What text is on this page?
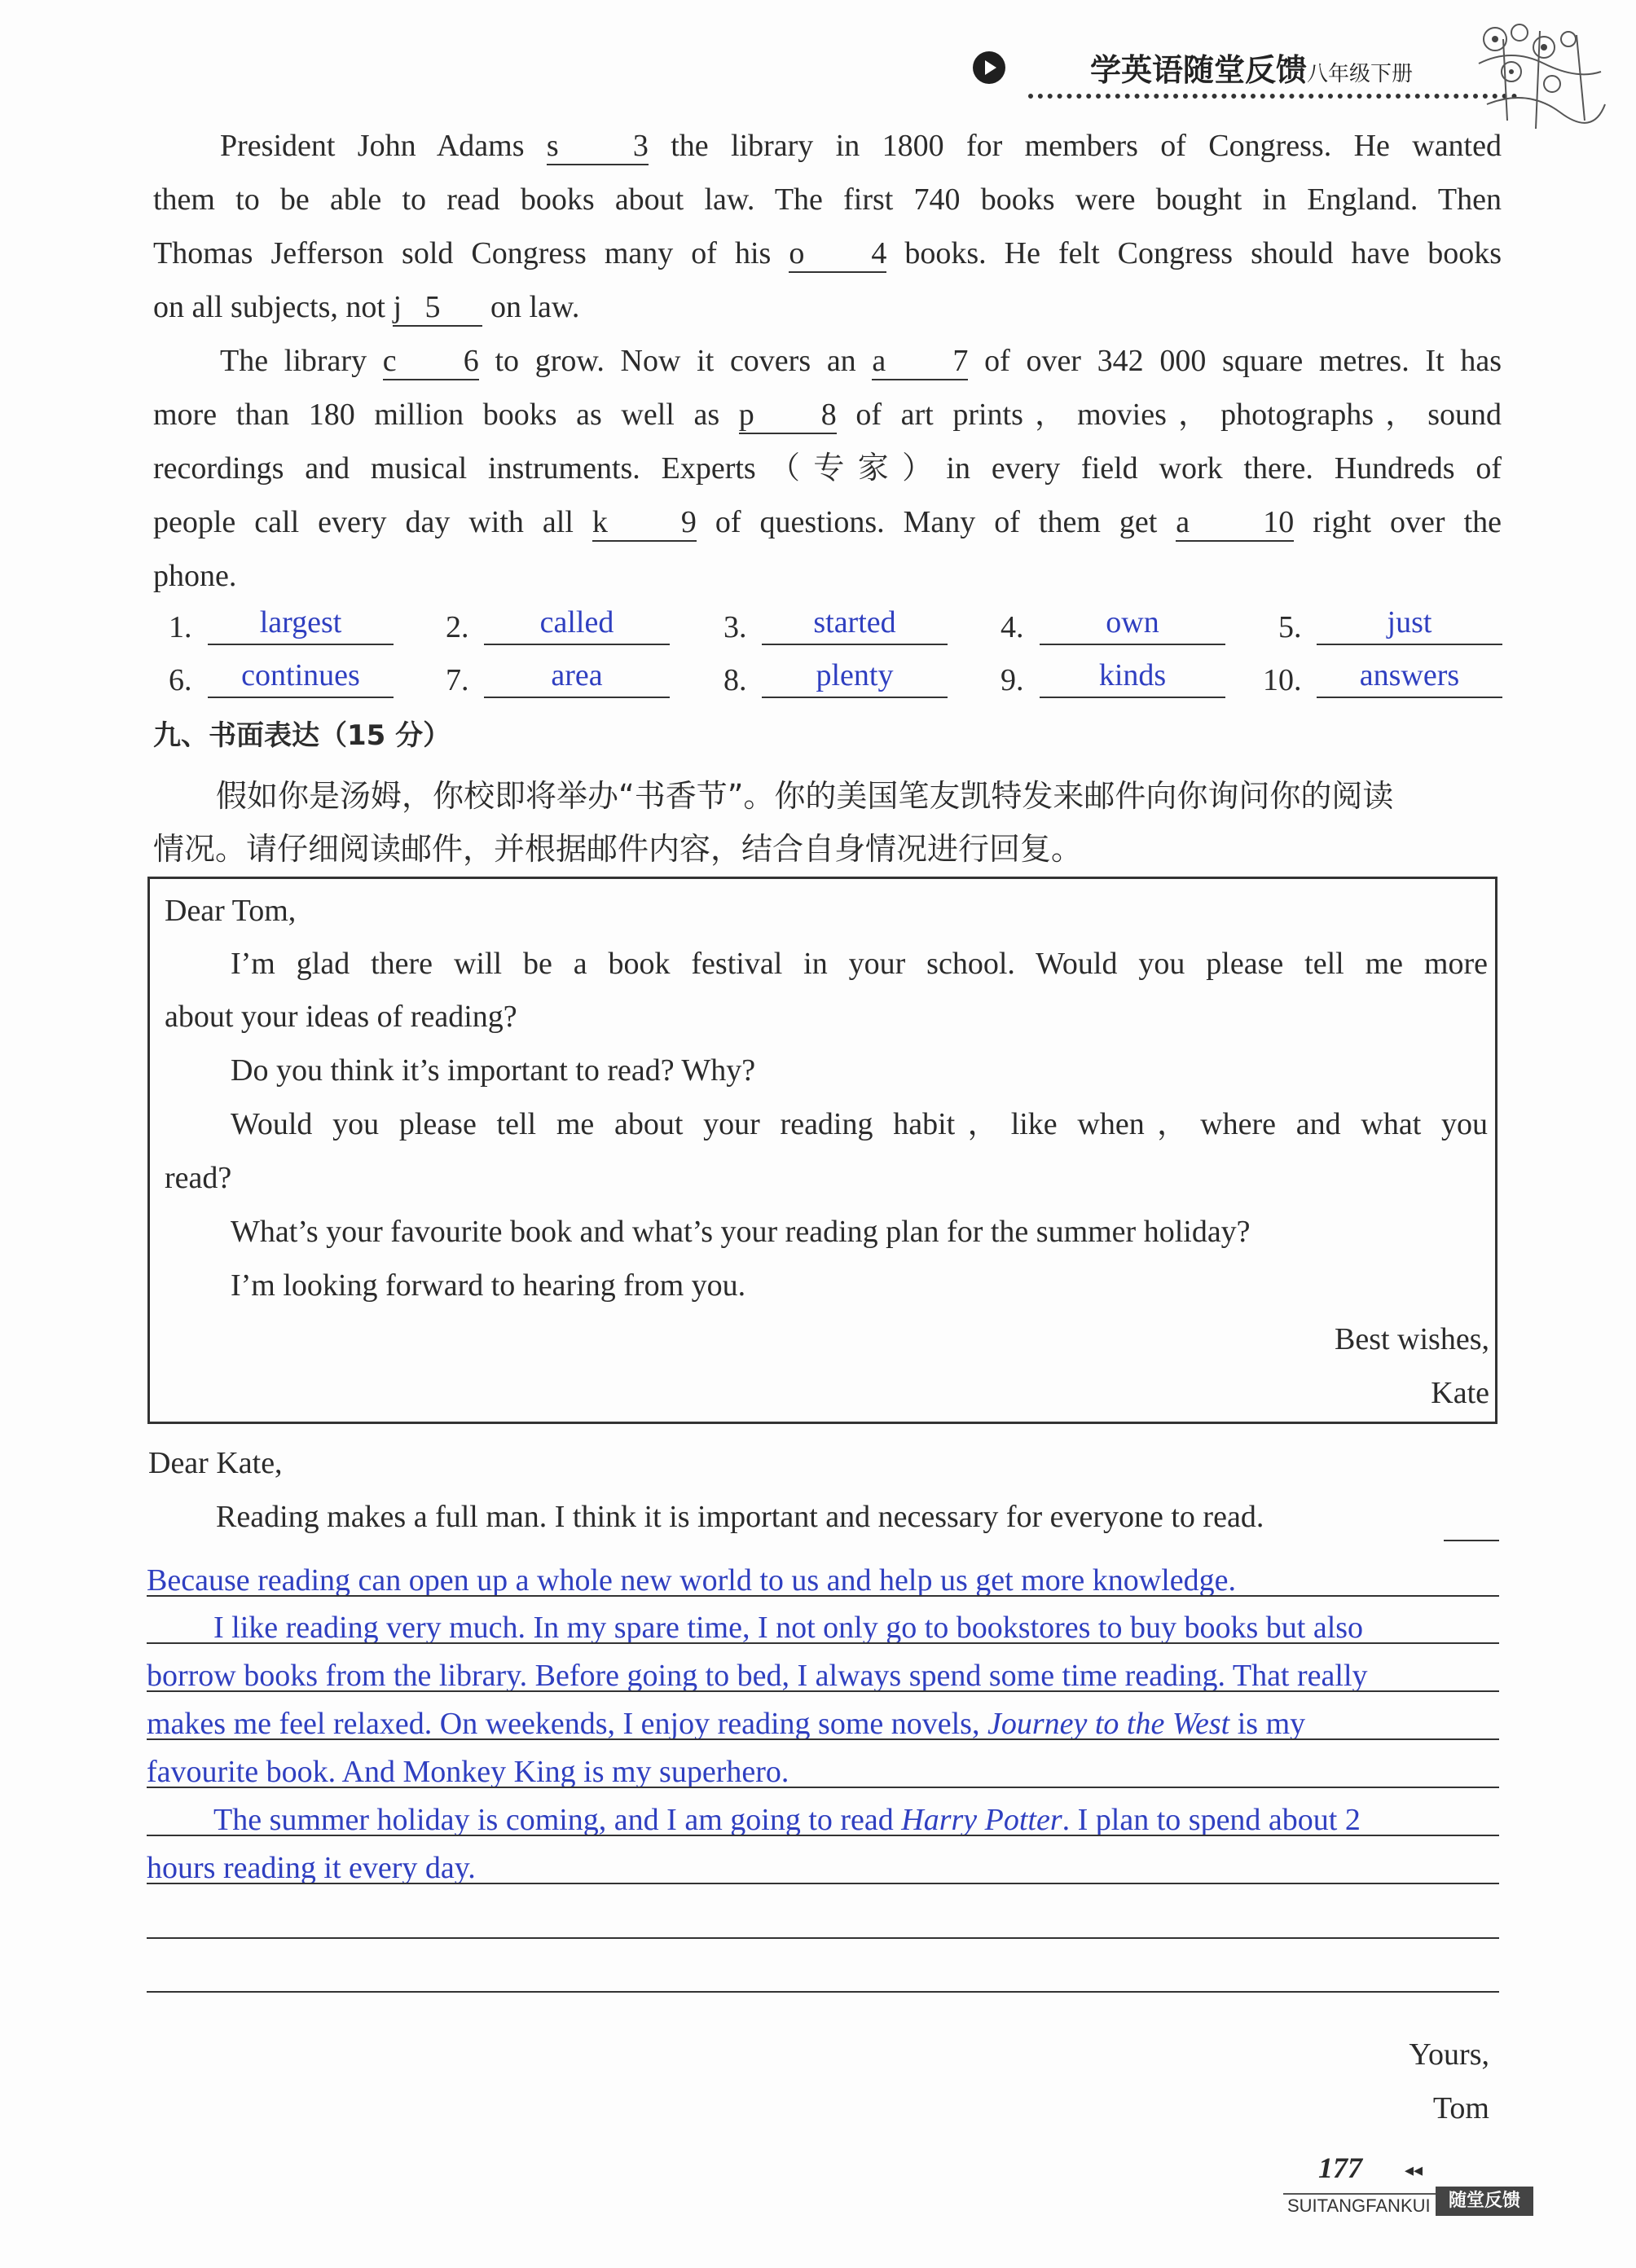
学英语随堂反馈八年级下册
President John Adams s 3 the library in 1800 for members of Congress. He wanted
them to be able to read books about law. The first 740 books were bought in England. Then
Thomas Jefferson sold Congress many of his o 4 books. He felt Congress should have books
on all subjects, not j 5 on law.
The library c 6 to grow. Now it covers an a 7 of over 342 000 square metres. It has
more than 180 million books as well as p 8 of art prints，movies，photographs，sound
recordings and musical instruments. Experts（专家）in every field work there. Hundreds of
people call every day with all k 9 of questions. Many of them get a 10 right over the
phone.
1.	largest	2.	called	3.	started	4.	own	5.	just
6.	continues	7.	area	8.	plenty	9.	kinds	10.	answers
九、书面表达（15 分）
假如你是汤姆，你校即将举办“书香节”。你的美国笔友凯特发来邮件向你询问你的阅读
情况。请仔细阅读邮件，并根据邮件内容，结合自身情况进行回复。
Dear Tom,
I’m glad there will be a book festival in your school. Would you please tell me more
about your ideas of reading?
Do you think it’s important to read? Why?
Would you please tell me about your reading habit，like when，where and what you
read?
What’s your favourite book and what’s your reading plan for the summer holiday?
I’m looking forward to hearing from you.
Best wishes,
Kate
Dear Kate,
Reading makes a full man. I think it is important and necessary for everyone to read.
Because reading can open up a whole new world to us and help us get more knowledge.
I like reading very much. In my spare time, I not only go to bookstores to buy books but also
borrow books from the library. Before going to bed, I always spend some time reading. That really
makes me feel relaxed. On weekends, I enjoy reading some novels, Journey to the West is my
favourite book. And Monkey King is my superhero.
The summer holiday is coming, and I am going to read Harry Potter. I plan to spend about 2
hours reading it every day.
Yours,
Tom
177 ◂◂
SUITANGFANKUI	随堂反馈
